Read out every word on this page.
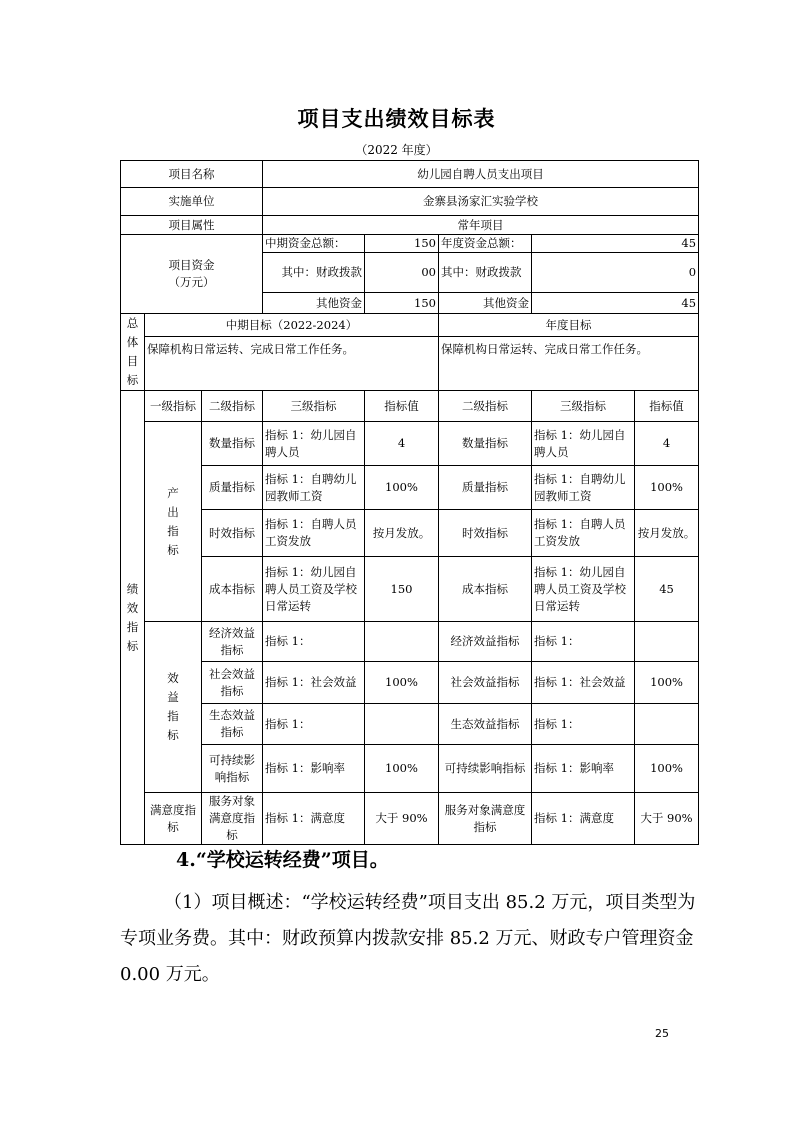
项目支出绩效目标表
（2022 年度）
项目名称			幼儿园自聘人员支出项目				
实施单位			金寨县汤家汇实验学校				
项目属性			常年项目				

项目资金
（万元）			中期资金总额：	150	年度资金总额：	45	
			其中：财政拨款	00	其中：财政拨款	0	
			其他资金	150	其他资金	45	

总
体
目
标	中期目标（2022-2024）				年度目标		
	保障机构日常运转、完成日常工作任务。				保障机构日常运转、完成日常工作任务。		

绩
效
指
标	一级指标	二级指标	三级指标	指标值	二级指标	三级指标	指标值

	产
出
指
标	数量指标	指标 1：幼儿园自聘人员	4	数量指标	指标 1：幼儿园自聘人员	4
		质量指标	指标 1：自聘幼儿园教师工资	100%	质量指标	指标 1：自聘幼儿园教师工资	100%
		时效指标	指标 1：自聘人员工资发放	按月发放。	时效指标	指标 1：自聘人员工资发放	按月发放。
		成本指标	指标 1：幼儿园自聘人员工资及学校日常运转	150	成本指标	指标 1：幼儿园自聘人员工资及学校日常运转	45

	效
益
指
标	经济效益指标	指标 1：		经济效益指标	指标 1：	
		社会效益指标	指标 1：社会效益	100%	社会效益指标	指标 1：社会效益	100%
		生态效益指标	指标 1：		生态效益指标	指标 1：	
		可持续影响指标	指标 1：影响率	100%	可持续影响指标	指标 1：影响率	100%
	满意度指标	服务对象满意度指标	指标 1：满意度	大于 90%	服务对象满意度指标	指标 1：满意度	大于 90%
4.“学校运转经费”项目。
（1）项目概述：“学校运转经费”项目支出 85.2 万元，项目类型为专项业务费。其中：财政预算内拨款安排 85.2 万元、财政专户管理资金 0.00 万元。
25
